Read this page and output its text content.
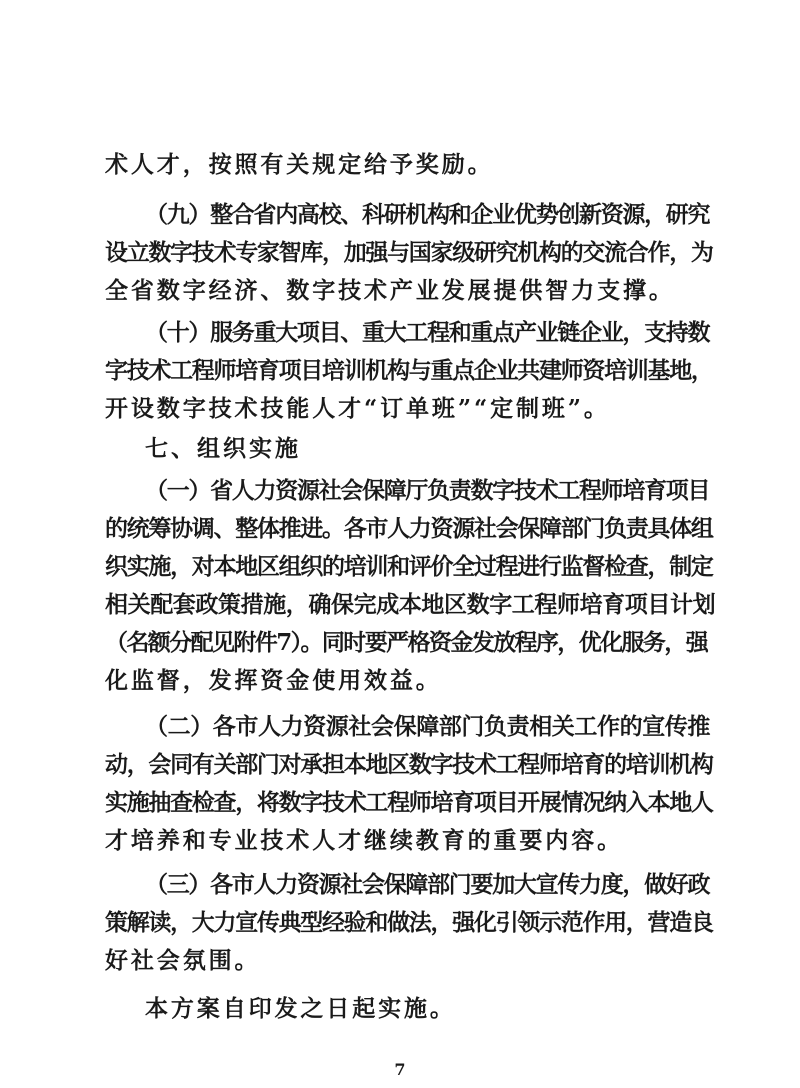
术人才，按照有关规定给予奖励。
（九）整合省内高校、科研机构和企业优势创新资源，研究
设立数字技术专家智库，加强与国家级研究机构的交流合作，为
全省数字经济、数字技术产业发展提供智力支撑。
（十）服务重大项目、重大工程和重点产业链企业，支持数
字技术工程师培育项目培训机构与重点企业共建师资培训基地，
开设数字技术技能人才“订单班”“定制班”。
七、组织实施
（一）省人力资源社会保障厅负责数字技术工程师培育项目
的统筹协调、整体推进。各市人力资源社会保障部门负责具体组
织实施，对本地区组织的培训和评价全过程进行监督检查，制定
相关配套政策措施，确保完成本地区数字工程师培育项目计划
（名额分配见附件7）。同时要严格资金发放程序，优化服务，强
化监督，发挥资金使用效益。
（二）各市人力资源社会保障部门负责相关工作的宣传推
动，会同有关部门对承担本地区数字技术工程师培育的培训机构
实施抽查检查，将数字技术工程师培育项目开展情况纳入本地人
才培养和专业技术人才继续教育的重要内容。
（三）各市人力资源社会保障部门要加大宣传力度，做好政
策解读，大力宣传典型经验和做法，强化引领示范作用，营造良
好社会氛围。
本方案自印发之日起实施。
7
